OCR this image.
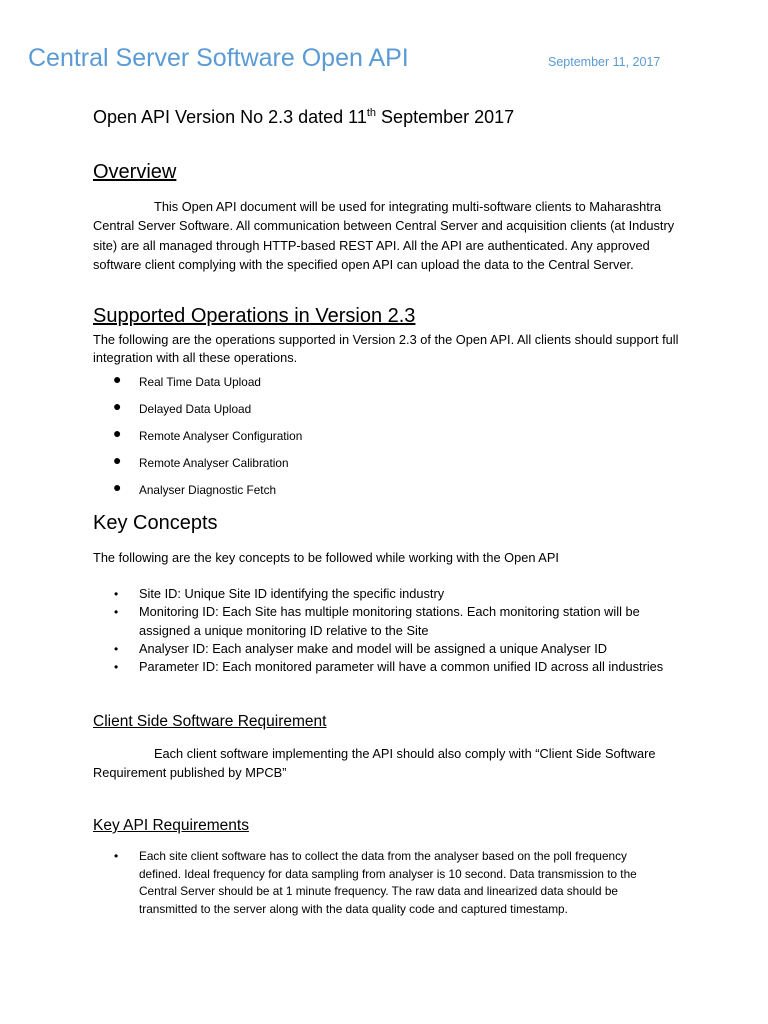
Central Server Software Open API	September 11, 2017
Open API Version No 2.3 dated 11th September 2017
Overview
This Open API document will be used for integrating multi-software clients to Maharashtra Central Server Software. All communication between Central Server and acquisition clients (at Industry site) are all managed through HTTP-based REST API. All the API are authenticated. Any approved software client complying with the specified open API can upload the data to the Central Server.
Supported Operations in Version 2.3
The following are the operations supported in Version 2.3 of the Open API. All clients should support full integration with all these operations.
● Real Time Data Upload
● Delayed Data Upload
● Remote Analyser Configuration
● Remote Analyser Calibration
● Analyser Diagnostic Fetch
Key Concepts
The following are the key concepts to be followed while working with the Open API
• Site ID: Unique Site ID identifying the specific industry
• Monitoring ID: Each Site has multiple monitoring stations. Each monitoring station will be assigned a unique monitoring ID relative to the Site
• Analyser ID: Each analyser make and model will be assigned a unique Analyser ID
• Parameter ID: Each monitored parameter will have a common unified ID across all industries
Client Side Software Requirement
Each client software implementing the API should also comply with “Client Side Software Requirement published by MPCB”
Key API Requirements
• Each site client software has to collect the data from the analyser based on the poll frequency defined. Ideal frequency for data sampling from analyser is 10 second. Data transmission to the Central Server should be at 1 minute frequency. The raw data and linearized data should be transmitted to the server along with the data quality code and captured timestamp.
